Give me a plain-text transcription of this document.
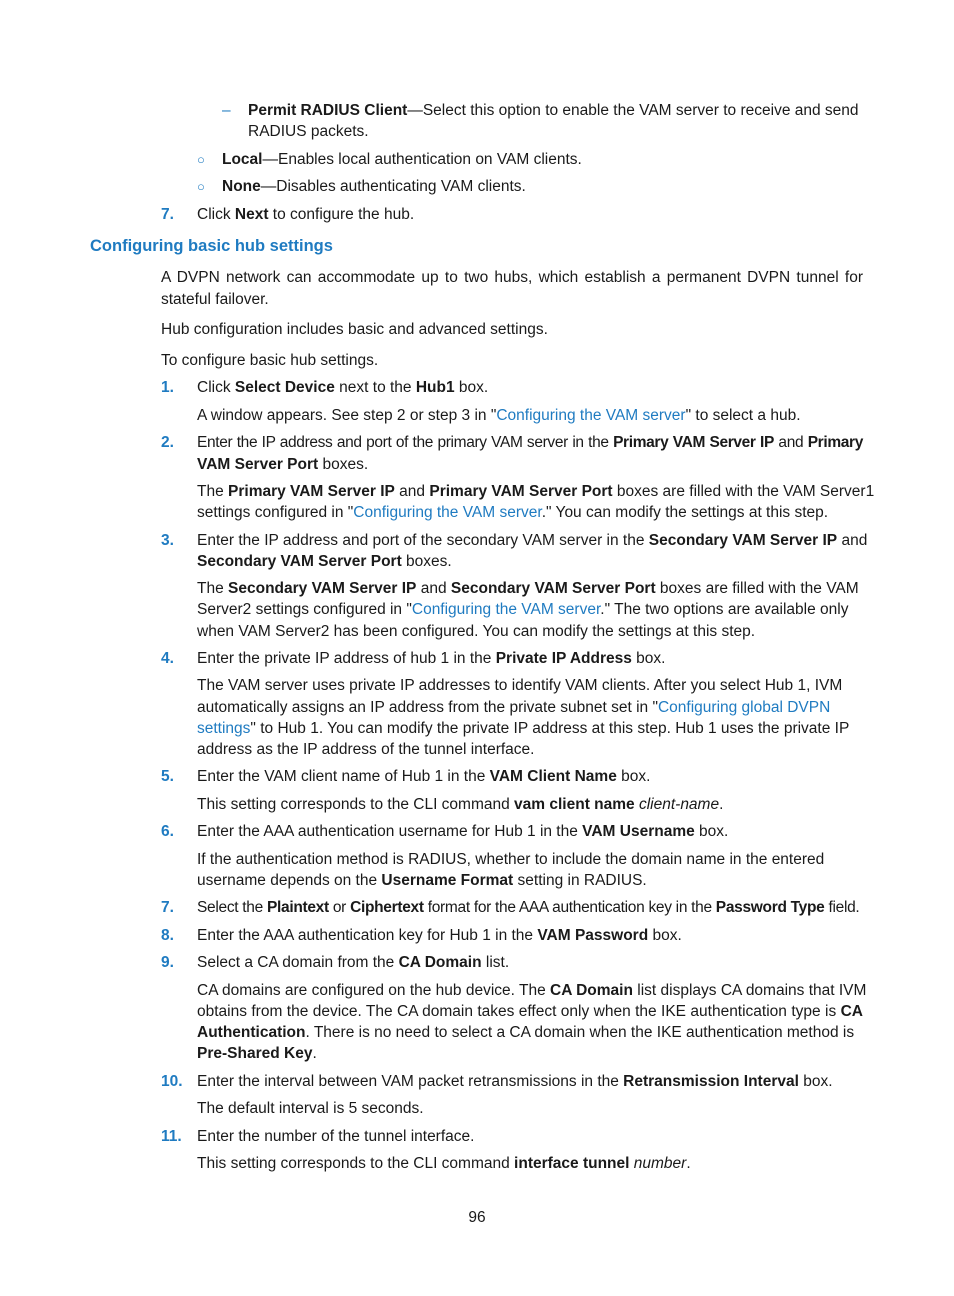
– Permit RADIUS Client—Select this option to enable the VAM server to receive and send
RADIUS packets.
○ Local—Enables local authentication on VAM clients.
○ None—Disables authenticating VAM clients.
7. Click Next to configure the hub.
Configuring basic hub settings
A DVPN network can accommodate up to two hubs, which establish a permanent DVPN tunnel for
stateful failover.
Hub configuration includes basic and advanced settings.
To configure basic hub settings.
1. Click Select Device next to the Hub1 box.
A window appears. See step 2 or step 3 in "Configuring the VAM server" to select a hub.
2. Enter the IP address and port of the primary VAM server in the Primary VAM Server IP and Primary
VAM Server Port boxes.
The Primary VAM Server IP and Primary VAM Server Port boxes are filled with the VAM Server1
settings configured in "Configuring the VAM server." You can modify the settings at this step.
3. Enter the IP address and port of the secondary VAM server in the Secondary VAM Server IP and
Secondary VAM Server Port boxes.
The Secondary VAM Server IP and Secondary VAM Server Port boxes are filled with the VAM
Server2 settings configured in "Configuring the VAM server." The two options are available only
when VAM Server2 has been configured. You can modify the settings at this step.
4. Enter the private IP address of hub 1 in the Private IP Address box.
The VAM server uses private IP addresses to identify VAM clients. After you select Hub 1, IVM
automatically assigns an IP address from the private subnet set in "Configuring global DVPN
settings" to Hub 1. You can modify the private IP address at this step. Hub 1 uses the private IP
address as the IP address of the tunnel interface.
5. Enter the VAM client name of Hub 1 in the VAM Client Name box.
This setting corresponds to the CLI command vam client name client-name.
6. Enter the AAA authentication username for Hub 1 in the VAM Username box.
If the authentication method is RADIUS, whether to include the domain name in the entered
username depends on the Username Format setting in RADIUS.
7. Select the Plaintext or Ciphertext format for the AAA authentication key in the Password Type field.
8. Enter the AAA authentication key for Hub 1 in the VAM Password box.
9. Select a CA domain from the CA Domain list.
CA domains are configured on the hub device. The CA Domain list displays CA domains that IVM
obtains from the device. The CA domain takes effect only when the IKE authentication type is CA
Authentication. There is no need to select a CA domain when the IKE authentication method is
Pre-Shared Key.
10. Enter the interval between VAM packet retransmissions in the Retransmission Interval box.
The default interval is 5 seconds.
11. Enter the number of the tunnel interface.
This setting corresponds to the CLI command interface tunnel number.
96
